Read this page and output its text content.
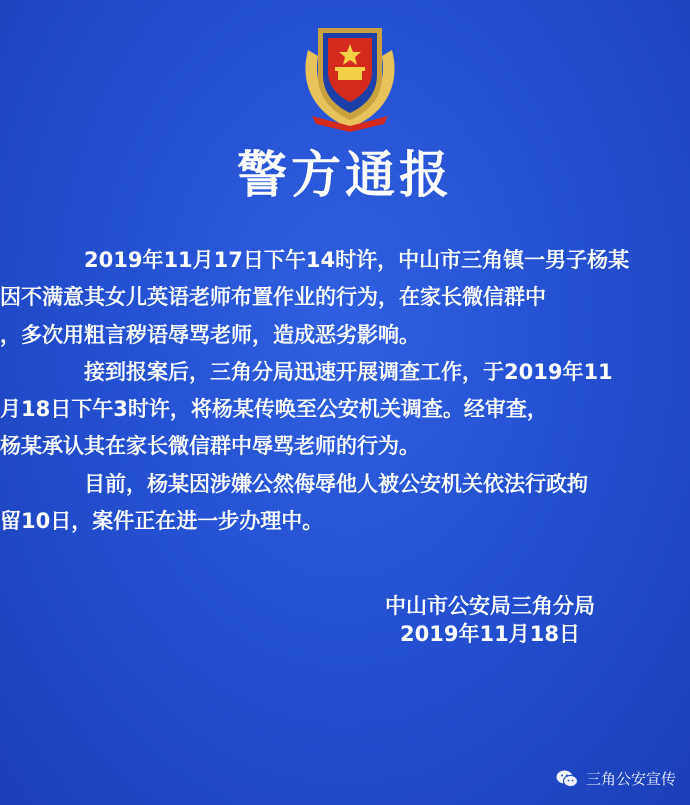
警方通报

2019年11月17日下午14时许，中山市三角镇一男子杨某
因不满意其女儿英语老师布置作业的行为，在家长微信群中
，多次用粗言秽语辱骂老师，造成恶劣影响。

接到报案后，三角分局迅速开展调查工作，于2019年11
月18日下午3时许，将杨某传唤至公安机关调查。经审查，
杨某承认其在家长微信群中辱骂老师的行为。

目前，杨某因涉嫌公然侮辱他人被公安机关依法行政拘
留10日，案件正在进一步办理中。

中山市公安局三角分局
2019年11月18日
三角公安宣传
